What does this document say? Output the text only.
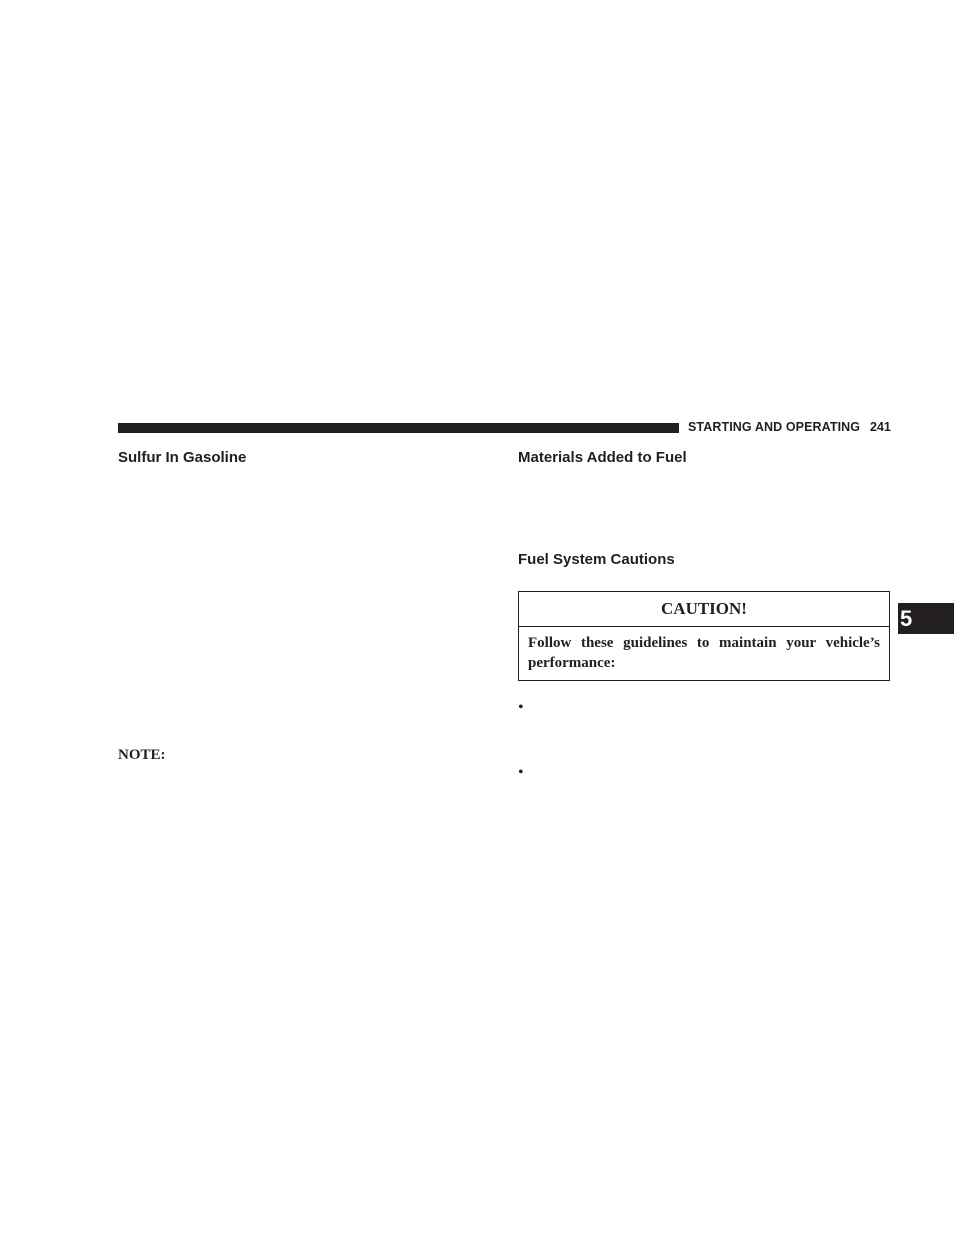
STARTING AND OPERATING 241
Sulfur In Gasoline
NOTE:
Materials Added to Fuel
Fuel System Cautions
CAUTION!
Follow these guidelines to maintain your vehicle’s performance:
•
•
5
